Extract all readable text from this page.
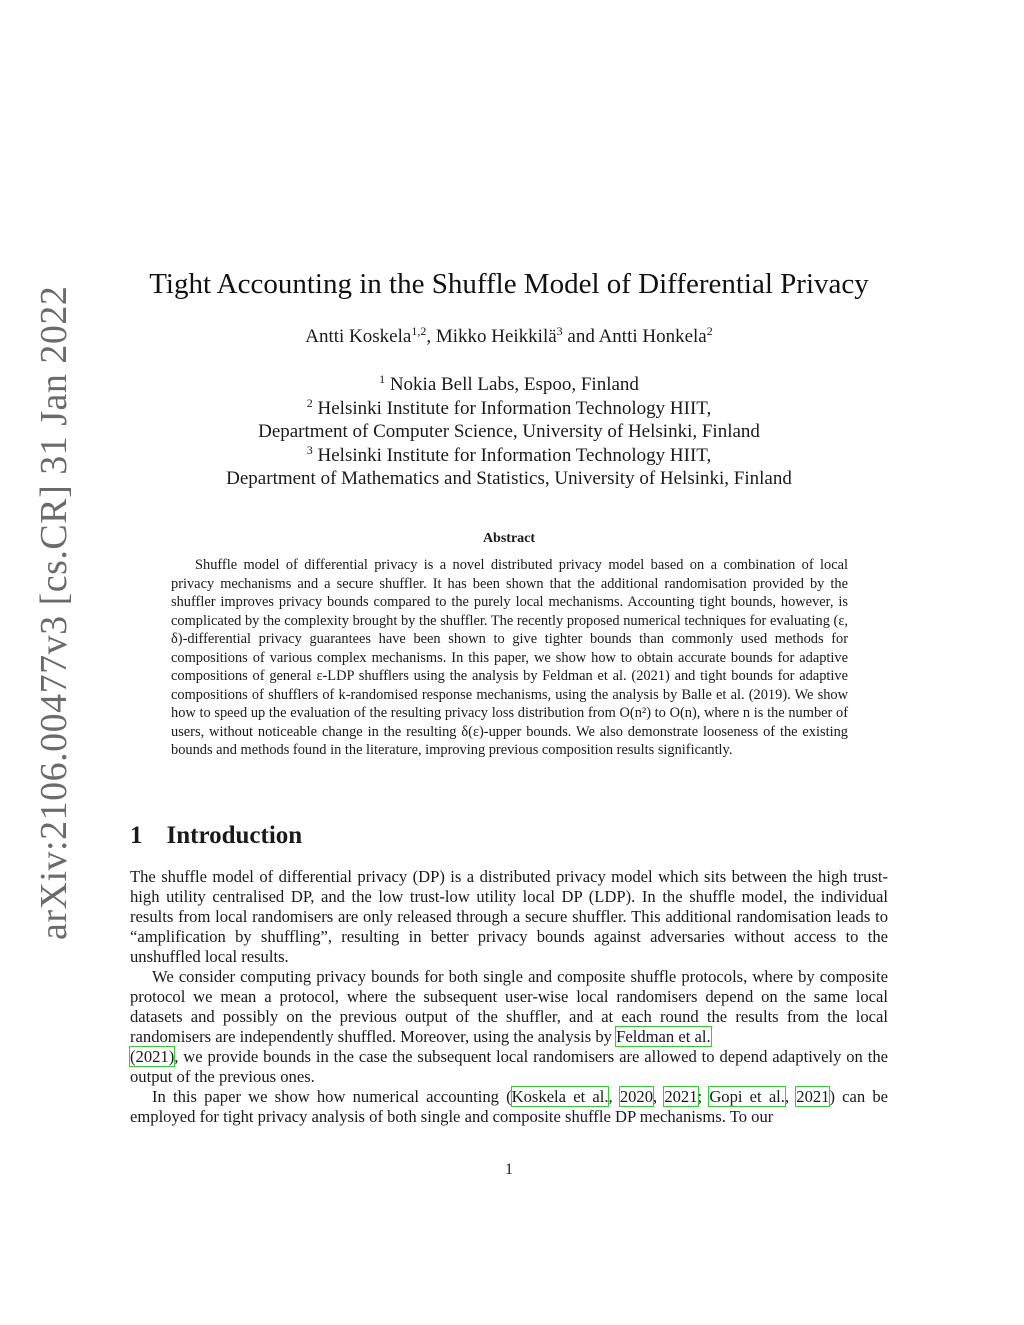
arXiv:2106.00477v3 [cs.CR] 31 Jan 2022
Tight Accounting in the Shuffle Model of Differential Privacy
Antti Koskela$^{1,2}$, Mikko Heikkilä$^3$ and Antti Honkela$^2$
$^1$ Nokia Bell Labs, Espoo, Finland
$^2$ Helsinki Institute for Information Technology HIIT,
Department of Computer Science, University of Helsinki, Finland
$^3$ Helsinki Institute for Information Technology HIIT,
Department of Mathematics and Statistics, University of Helsinki, Finland
Abstract
Shuffle model of differential privacy is a novel distributed privacy model based on a combination of local privacy mechanisms and a secure shuffler. It has been shown that the additional randomisation provided by the shuffler improves privacy bounds compared to the purely local mechanisms. Accounting tight bounds, however, is complicated by the complexity brought by the shuffler. The recently proposed numerical techniques for evaluating (ε, δ)-differential privacy guarantees have been shown to give tighter bounds than commonly used methods for compositions of various complex mechanisms. In this paper, we show how to obtain accurate bounds for adaptive compositions of general ε-LDP shufflers using the analysis by Feldman et al. (2021) and tight bounds for adaptive compositions of shufflers of k-randomised response mechanisms, using the analysis by Balle et al. (2019). We show how to speed up the evaluation of the resulting privacy loss distribution from O(n²) to O(n), where n is the number of users, without noticeable change in the resulting δ(ε)-upper bounds. We also demonstrate looseness of the existing bounds and methods found in the literature, improving previous composition results significantly.
1 Introduction

The shuffle model of differential privacy (DP) is a distributed privacy model which sits between the high trust-high utility centralised DP, and the low trust-low utility local DP (LDP). In the shuffle model, the individual results from local randomisers are only released through a secure shuffler. This additional randomisation leads to “amplification by shuffling”, resulting in better privacy bounds against adversaries without access to the unshuffled local results.

We consider computing privacy bounds for both single and composite shuffle protocols, where by composite protocol we mean a protocol, where the subsequent user-wise local randomisers depend on the same local datasets and possibly on the previous output of the shuffler, and at each round the results from the local randomisers are independently shuffled. Moreover, using the analysis by Feldman et al.
(2021), we provide bounds in the case the subsequent local randomisers are allowed to depend adaptively on the output of the previous ones.

In this paper we show how numerical accounting (Koskela et al., 2020, 2021; Gopi et al., 2021) can be employed for tight privacy analysis of both single and composite shuffle DP mechanisms. To our

1
